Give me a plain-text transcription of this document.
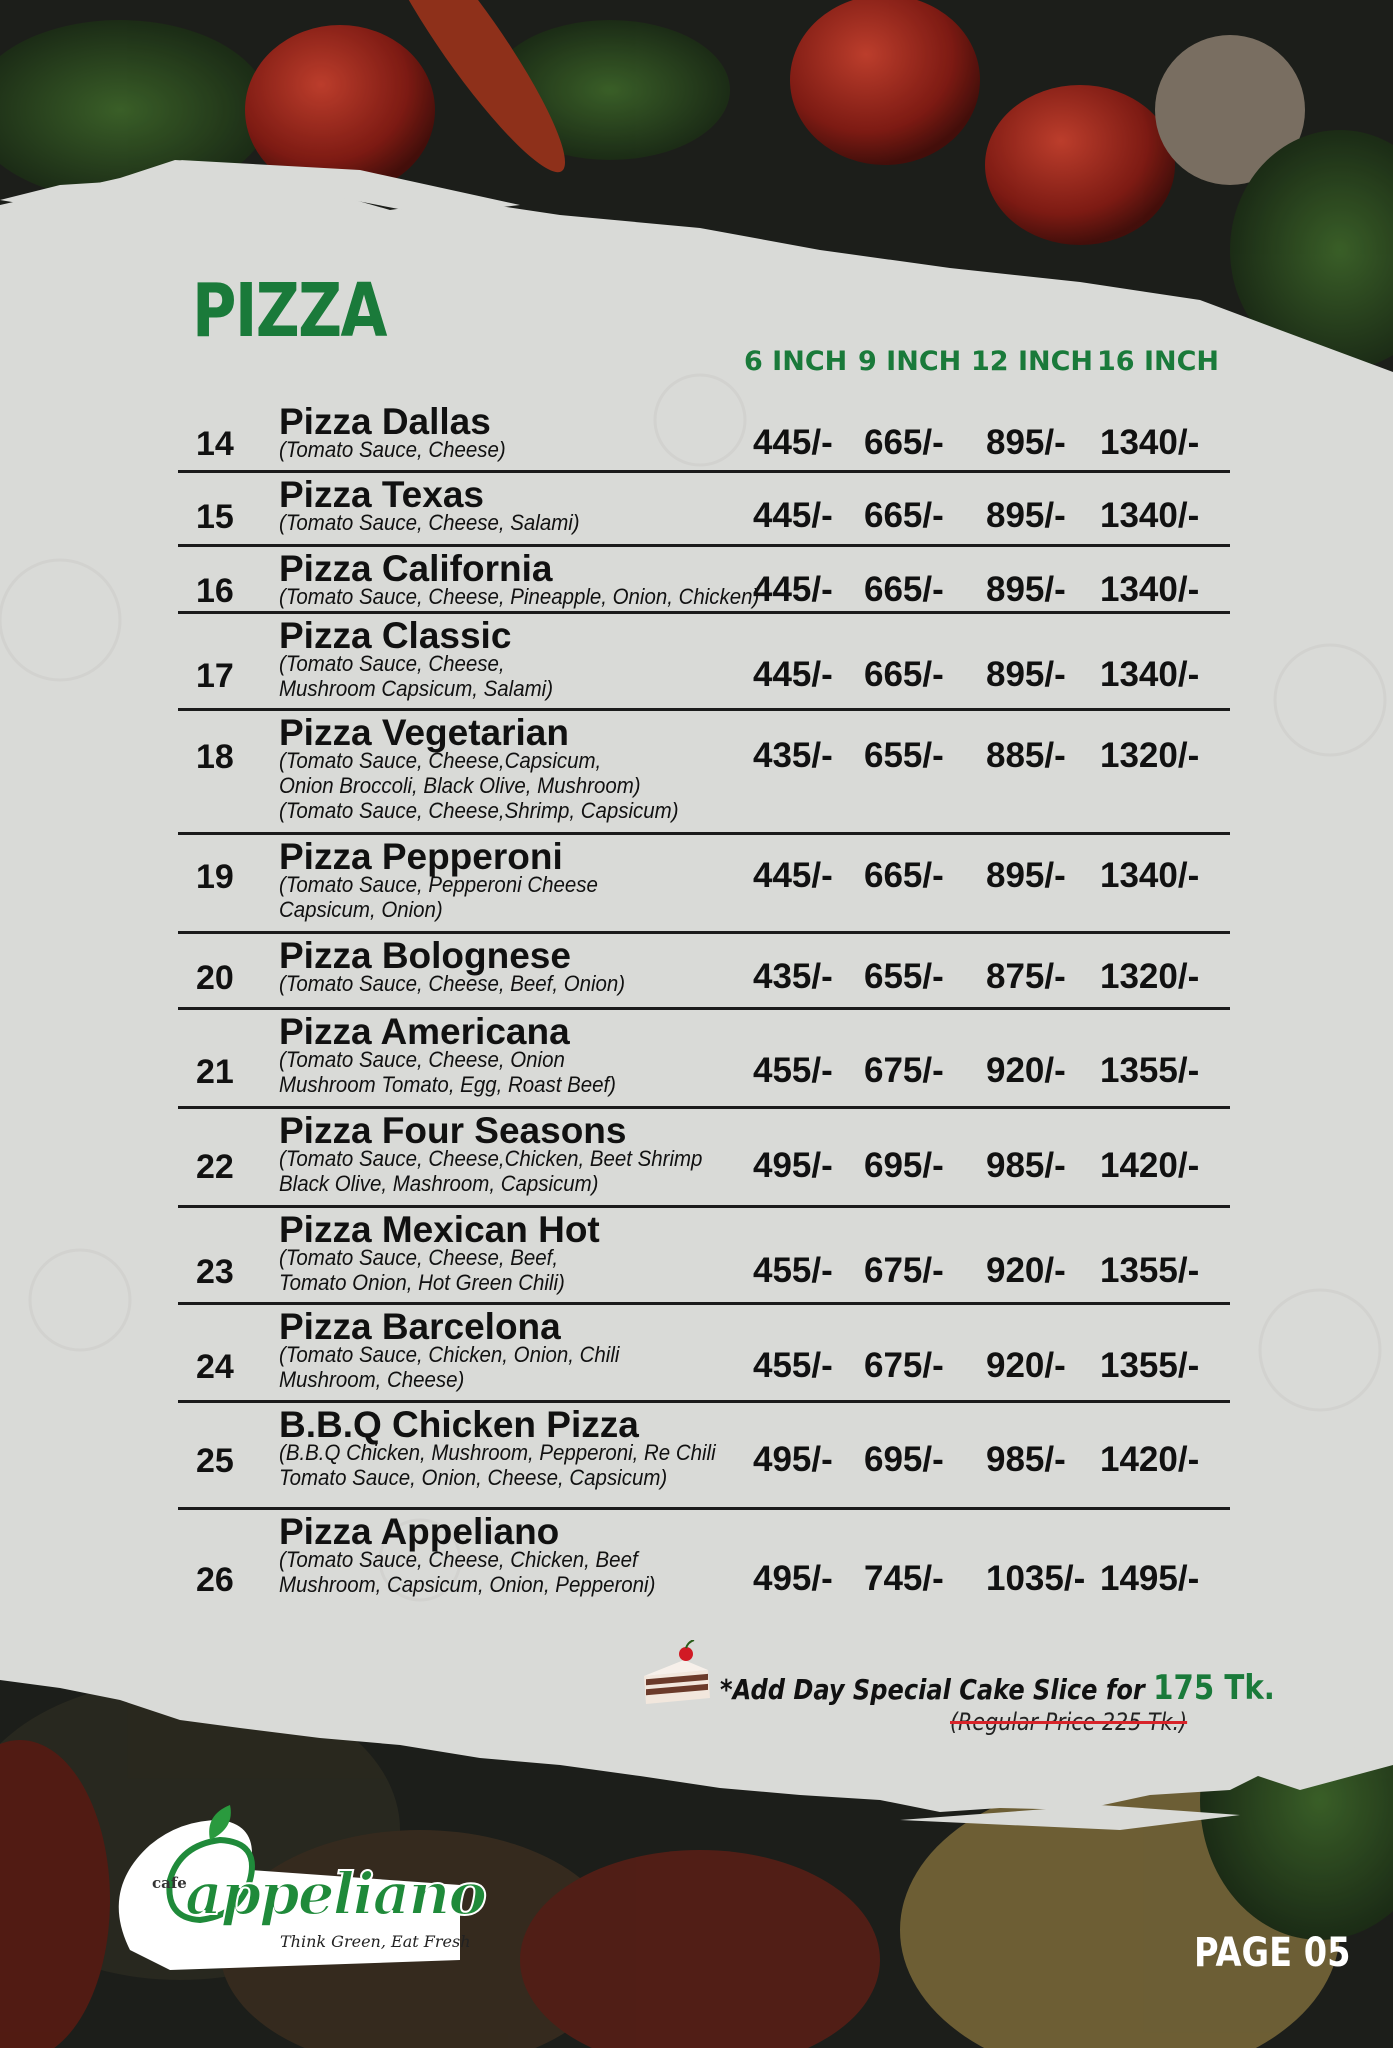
PIZZA
6 INCH 9 INCH 12 INCH 16 INCH
14
Pizza Dallas
(Tomato Sauce, Cheese)	445/- 665/- 895/- 1340/-
15
Pizza Texas
(Tomato Sauce, Cheese, Salami)	445/- 665/- 895/- 1340/-
16
Pizza California
(Tomato Sauce, Cheese, Pineapple, Onion, Chicken)
445/- 665/- 895/- 1340/-
17
Pizza Classic
(Tomato Sauce, Cheese,
Mushroom Capsicum, Salami)	445/- 665/- 895/- 1340/-
18
Pizza Vegetarian
(Tomato Sauce, Cheese,Capsicum,
Onion Broccoli, Black Olive, Mushroom)
(Tomato Sauce, Cheese,Shrimp, Capsicum)
435/- 655/- 885/- 1320/-
19 Pizza Pepperoni
(Tomato Sauce, Pepperoni Cheese
Capsicum, Onion)
445/- 665/- 895/- 1340/-
20
Pizza Bolognese
(Tomato Sauce, Cheese, Beef, Onion)	435/- 655/- 875/- 1320/-
21
Pizza Americana
(Tomato Sauce, Cheese, Onion
Mushroom Tomato, Egg, Roast Beef)	455/- 675/- 920/- 1355/-
22
Pizza Four Seasons
(Tomato Sauce, Cheese,Chicken, Beet Shrimp
Black Olive, Mashroom, Capsicum)	495/- 695/- 985/- 1420/-
23
Pizza Mexican Hot
(Tomato Sauce, Cheese, Beef,
Tomato Onion, Hot Green Chili)	455/- 675/- 920/- 1355/-
24
Pizza Barcelona
(Tomato Sauce, Chicken, Onion, Chili
Mushroom, Cheese)	455/- 675/- 920/- 1355/-
25
B.B.Q Chicken Pizza
(B.B.Q Chicken, Mushroom, Pepperoni, Re Chili
Tomato Sauce, Onion, Cheese, Capsicum)	495/- 695/- 985/- 1420/-
26
Pizza Appeliano
(Tomato Sauce, Cheese, Chicken, Beef
Mushroom, Capsicum, Onion, Pepperoni)	495/- 745/- 1035/- 1495/-
*Add Day Special Cake Slice for 175 Tk.
(Regular Price 225 Tk.)
cafe
appeliano
Think Green, Eat Fresh	PAGE 05
